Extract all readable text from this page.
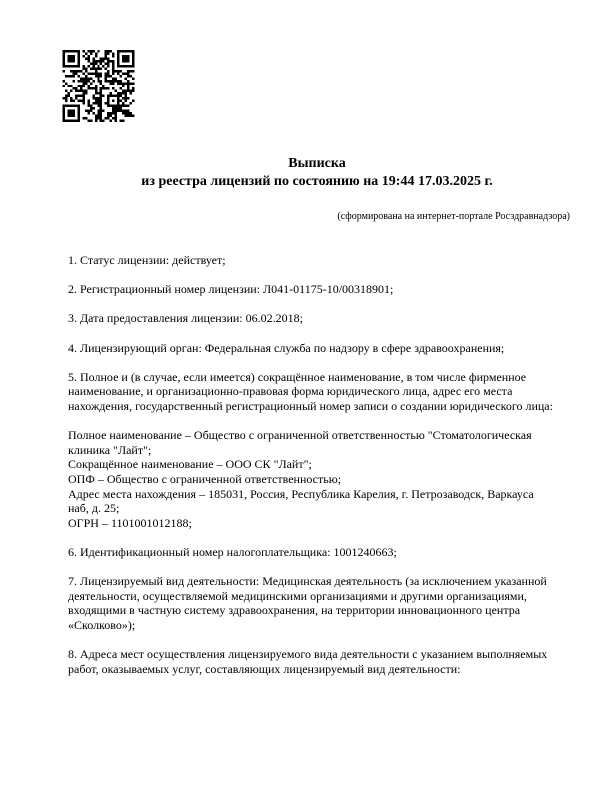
Выписка
из реестра лицензий по состоянию на 19:44 17.03.2025 г.
(сформирована на интернет-портале Росздравнадзора)

1. Статус лицензии: действует;

2. Регистрационный номер лицензии: Л041-01175-10/00318901;

3. Дата предоставления лицензии: 06.02.2018;

4. Лицензирующий орган: Федеральная служба по надзору в сфере здравоохранения;

5. Полное и (в случае, если имеется) сокращённое наименование, в том числе фирменное наименование, и организационно-правовая форма юридического лица, адрес его места нахождения, государственный регистрационный номер записи о создании юридического лица:

Полное наименование – Общество с ограниченной ответственностью "Стоматологическая клиника "Лайт";
Сокращённое наименование – ООО СК "Лайт";
ОПФ – Общество с ограниченной ответственностью;
Адрес места нахождения – 185031, Россия, Республика Карелия, г. Петрозаводск, Варкауса наб, д. 25;
ОГРН – 1101001012188;

6. Идентификационный номер налогоплательщика: 1001240663;

7. Лицензируемый вид деятельности: Медицинская деятельность (за исключением указанной деятельности, осуществляемой медицинскими организациями и другими организациями, входящими в частную систему здравоохранения, на территории инновационного центра «Сколково»);

8. Адреса мест осуществления лицензируемого вида деятельности с указанием выполняемых работ, оказываемых услуг, составляющих лицензируемый вид деятельности:
